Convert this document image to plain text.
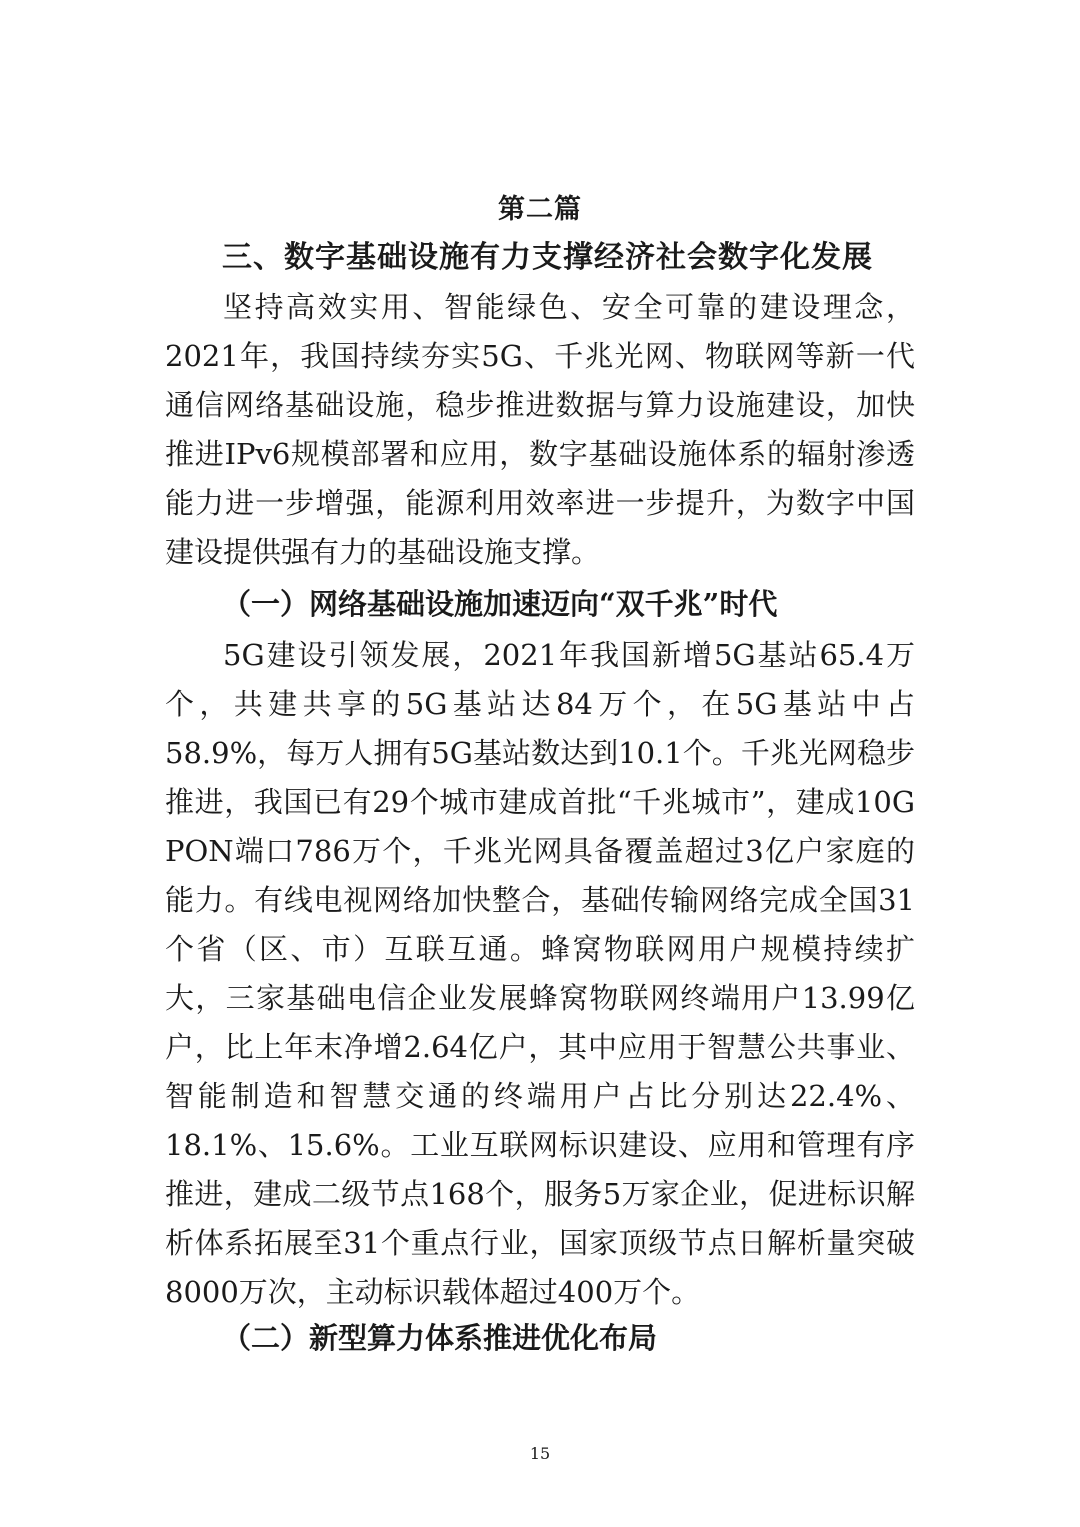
第二篇
三、数字基础设施有力支撑经济社会数字化发展

坚持高效实用、智能绿色、安全可靠的建设理念，2021年，我国持续夯实5G、千兆光网、物联网等新一代通信网络基础设施，稳步推进数据与算力设施建设，加快推进IPv6规模部署和应用，数字基础设施体系的辐射渗透能力进一步增强，能源利用效率进一步提升，为数字中国建设提供强有力的基础设施支撑。

（一）网络基础设施加速迈向“双千兆”时代

5G建设引领发展，2021年我国新增5G基站65.4万个，共建共享的5G基站达84万个，在5G基站中占58.9%，每万人拥有5G基站数达到10.1个。千兆光网稳步推进，我国已有29个城市建成首批“千兆城市”，建成10G PON端口786万个，千兆光网具备覆盖超过3亿户家庭的能力。有线电视网络加快整合，基础传输网络完成全国31个省（区、市）互联互通。蜂窝物联网用户规模持续扩大，三家基础电信企业发展蜂窝物联网终端用户13.99亿户，比上年末净增2.64亿户，其中应用于智慧公共事业、智能制造和智慧交通的终端用户占比分别达22.4%、18.1%、15.6%。工业互联网标识建设、应用和管理有序推进，建成二级节点168个，服务5万家企业，促进标识解析体系拓展至31个重点行业，国家顶级节点日解析量突破8000万次，主动标识载体超过400万个。

（二）新型算力体系推进优化布局
15
